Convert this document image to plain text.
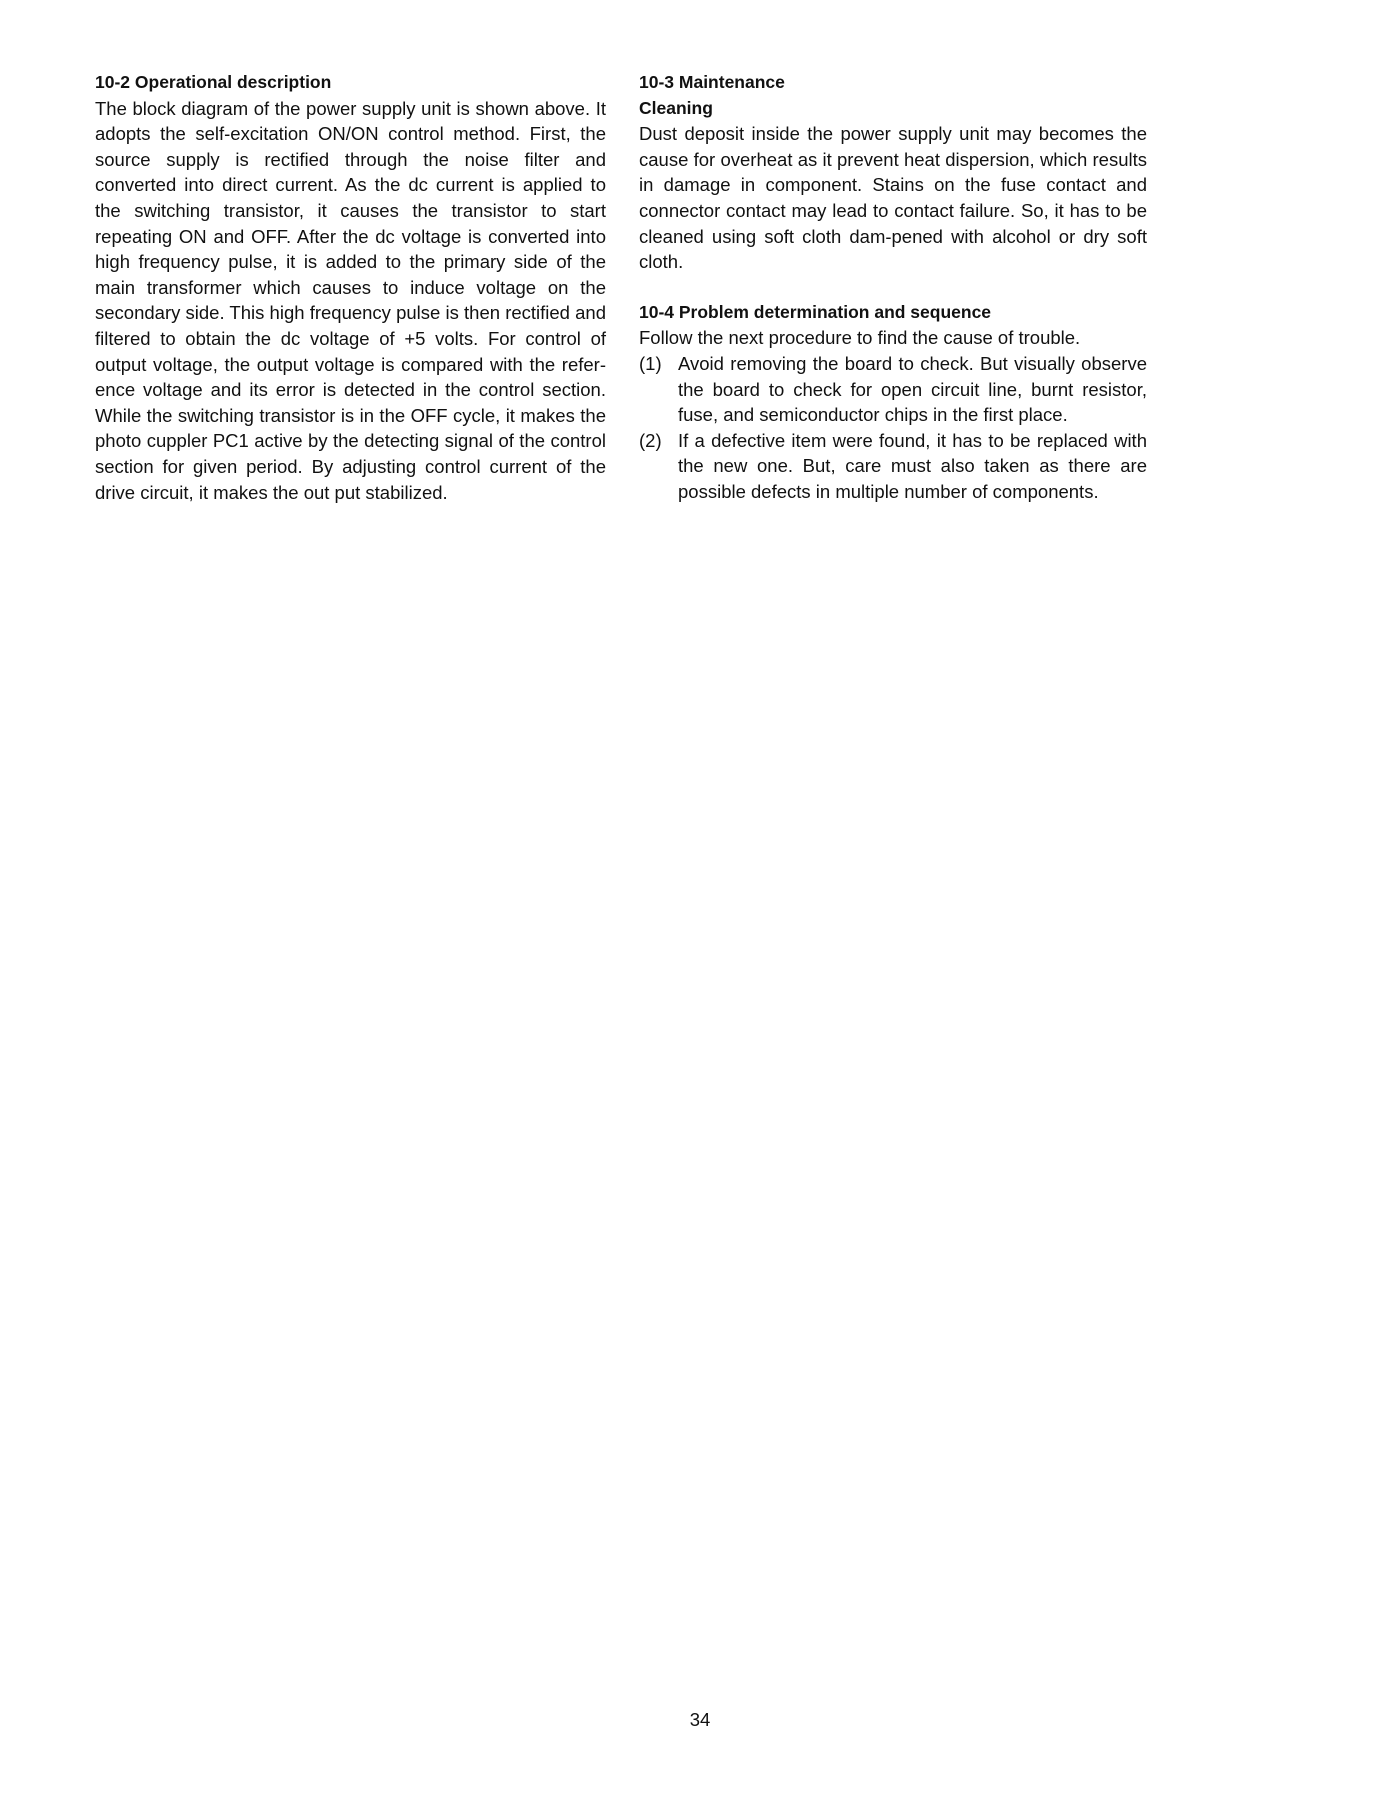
10-2 Operational description

The block diagram of the power supply unit is shown above. It adopts the self-excitation ON/ON control method. First, the source supply is rectified through the noise filter and converted into direct current. As the dc current is applied to the switching transistor, it causes the transistor to start repeating ON and OFF. After the dc voltage is converted into high frequency pulse, it is added to the primary side of the main transformer which causes to induce voltage on the secondary side. This high frequency pulse is then rectified and filtered to obtain the dc voltage of +5 volts. For control of output voltage, the output voltage is compared with the refer-ence voltage and its error is detected in the control section. While the switching transistor is in the OFF cycle, it makes the photo cuppler PC1 active by the detecting signal of the control section for given period. By adjusting control current of the drive circuit, it makes the out put stabilized.

10-3 Maintenance
Cleaning

Dust deposit inside the power supply unit may becomes the cause for overheat as it prevent heat dispersion, which results in damage in component. Stains on the fuse contact and connector contact may lead to contact failure. So, it has to be cleaned using soft cloth dam-pened with alcohol or dry soft cloth.

10-4 Problem determination and sequence

Follow the next procedure to find the cause of trouble.

(1) Avoid removing the board to check. But visually observe the board to check for open circuit line, burnt resistor, fuse, and semiconductor chips in the first place.
(2) If a defective item were found, it has to be replaced with the new one. But, care must also taken as there are possible defects in multiple number of components.
34
